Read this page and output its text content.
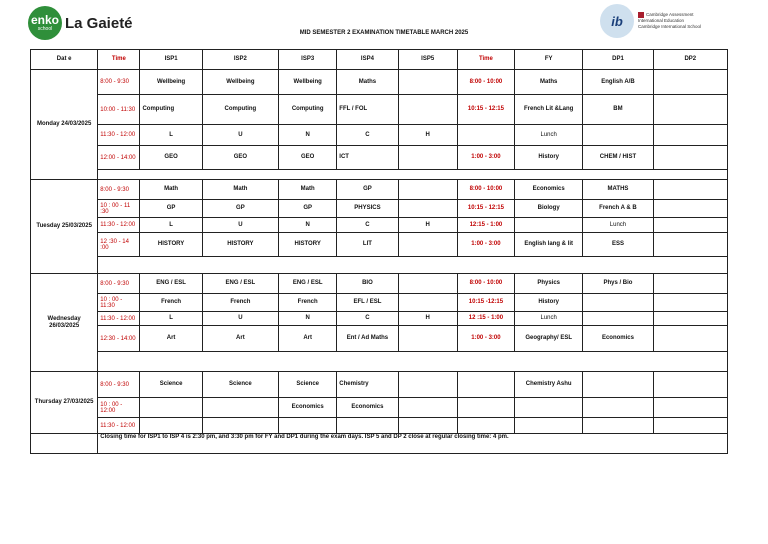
enko
school La Gaieté
MID SEMESTER 2 EXAMINATION TIMETABLE MARCH 2025
ib	Cambridge Assessment
International Education
Cambridge International School
Dat e	Time	ISP1	ISP2	ISP3	ISP4	ISP5	Time	FY	DP1	DP2
Monday 24/03/2025	8:00 - 9:30	Wellbeing	Wellbeing	Wellbeing	Maths		8:00 - 10:00	Maths	English A/B	
	10:00 - 11:30	Computing	Computing	Computing	FFL / FOL		10:15 - 12:15	French Lit &Lang	BM	
	11:30 - 12:00	L	U	N	C	H		Lunch		
	12:00 - 14:00	GEO	GEO	GEO	ICT		1:00 - 3:00	History	CHEM / HIST	

Tuesday 25/03/2025	8:00 - 9:30	Math	Math	Math	GP		8:00 - 10:00	Economics	MATHS	
	10 : 00 - 11 :30	GP	GP	GP	PHYSICS		10:15 - 12:15	Biology	French A & B	
	11:30 - 12:00	L	U	N	C	H	12:15 - 1:00		Lunch	
	12 :30 - 14 :00	HISTORY	HISTORY	HISTORY	LIT		1:00 - 3:00	English lang & lit	ESS	

Wednesday 26/03/2025	8:00 - 9:30	ENG / ESL	ENG / ESL	ENG / ESL	BIO		8:00 - 10:00	Physics	Phys / Bio	
	10 : 00 - 11:30	French	French	French	EFL / ESL		10:15 -12:15	History		
	11:30 - 12:00	L	U	N	C	H	12 :15 - 1:00	Lunch		
	12:30 - 14:00	Art	Art	Art	Ent / Ad Maths		1:00 - 3:00	Geography/ ESL	Economics	

Thursday 27/03/2025	8:00 - 9:30	Science	Science	Science	Chemistry			Chemistry Ashu		
	10 : 00 - 12:00			Economics	Economics					
	11:30 - 12:00									
	Closing time for ISP1 to ISP 4 is 2:30 pm, and 3:30 pm for FY and DP1 during the exam days. ISP 5 and DP 2 close at regular closing time: 4 pm.									
